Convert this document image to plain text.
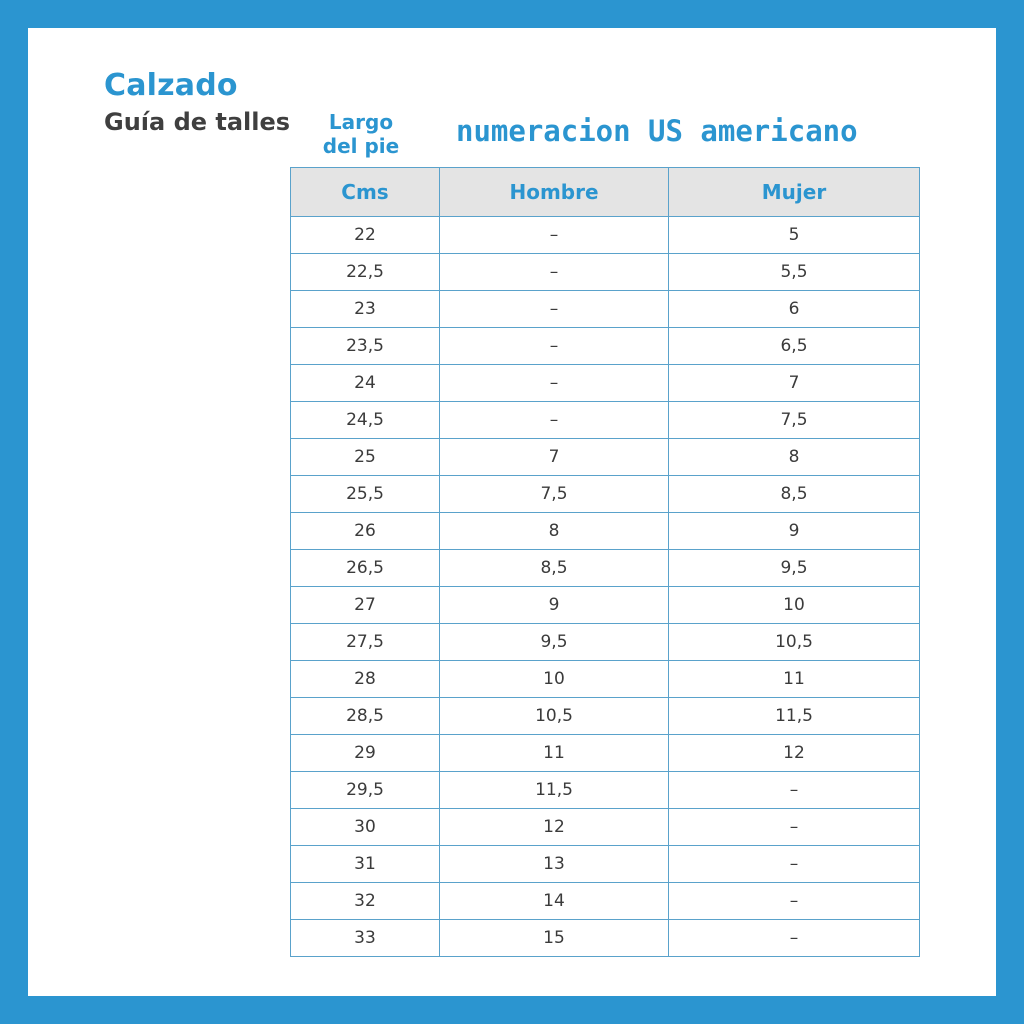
Calzado
Guía de talles	Largo
del pie	numeracion US americano
Cms	Hombre	Mujer
22	–	5
22,5	–	5,5
23	–	6
23,5	–	6,5
24	–	7
24,5	–	7,5
25	7	8
25,5	7,5	8,5
26	8	9
26,5	8,5	9,5
27	9	10
27,5	9,5	10,5
28	10	11
28,5	10,5	11,5
29	11	12
29,5	11,5	–
30	12	–
31	13	–
32	14	–
33	15	–
